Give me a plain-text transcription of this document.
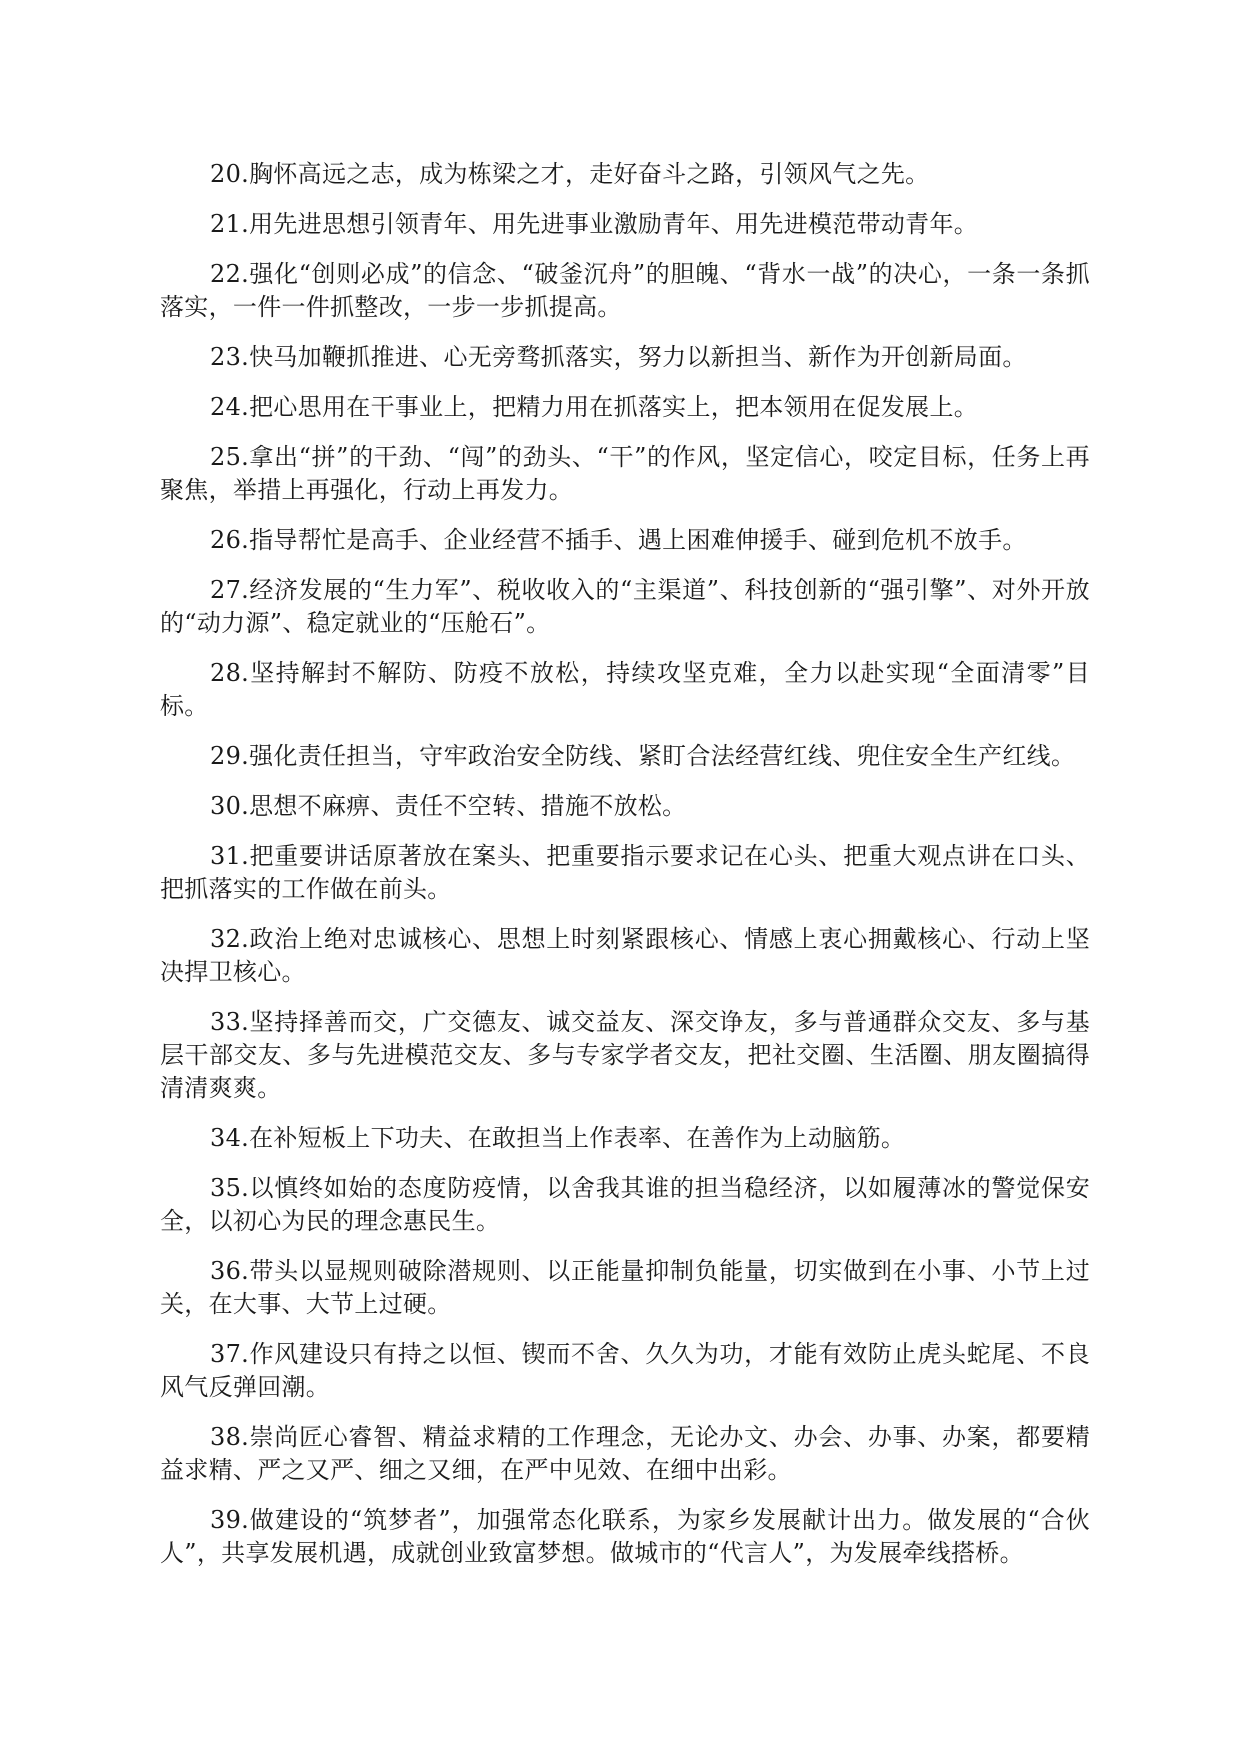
20.胸怀高远之志，成为栋梁之才，走好奋斗之路，引领风气之先。

21.用先进思想引领青年、用先进事业激励青年、用先进模范带动青年。

22.强化“创则必成”的信念、“破釜沉舟”的胆魄、“背水一战”的决心，一条一条抓落实，一件一件抓整改，一步一步抓提高。

23.快马加鞭抓推进、心无旁骛抓落实，努力以新担当、新作为开创新局面。

24.把心思用在干事业上，把精力用在抓落实上，把本领用在促发展上。

25.拿出“拼”的干劲、“闯”的劲头、“干”的作风，坚定信心，咬定目标，任务上再聚焦，举措上再强化，行动上再发力。

26.指导帮忙是高手、企业经营不插手、遇上困难伸援手、碰到危机不放手。

27.经济发展的“生力军”、税收收入的“主渠道”、科技创新的“强引擎”、对外开放的“动力源”、稳定就业的“压舱石”。

28.坚持解封不解防、防疫不放松，持续攻坚克难，全力以赴实现“全面清零”目标。

29.强化责任担当，守牢政治安全防线、紧盯合法经营红线、兜住安全生产红线。

30.思想不麻痹、责任不空转、措施不放松。

31.把重要讲话原著放在案头、把重要指示要求记在心头、把重大观点讲在口头、把抓落实的工作做在前头。

32.政治上绝对忠诚核心、思想上时刻紧跟核心、情感上衷心拥戴核心、行动上坚决捍卫核心。

33.坚持择善而交，广交德友、诚交益友、深交诤友，多与普通群众交友、多与基层干部交友、多与先进模范交友、多与专家学者交友，把社交圈、生活圈、朋友圈搞得清清爽爽。

34.在补短板上下功夫、在敢担当上作表率、在善作为上动脑筋。

35.以慎终如始的态度防疫情，以舍我其谁的担当稳经济，以如履薄冰的警觉保安全，以初心为民的理念惠民生。

36.带头以显规则破除潜规则、以正能量抑制负能量，切实做到在小事、小节上过关，在大事、大节上过硬。

37.作风建设只有持之以恒、锲而不舍、久久为功，才能有效防止虎头蛇尾、不良风气反弹回潮。

38.崇尚匠心睿智、精益求精的工作理念，无论办文、办会、办事、办案，都要精益求精、严之又严、细之又细，在严中见效、在细中出彩。

39.做建设的“筑梦者”，加强常态化联系，为家乡发展献计出力。做发展的“合伙人”，共享发展机遇，成就创业致富梦想。做城市的“代言人”，为发展牵线搭桥。
